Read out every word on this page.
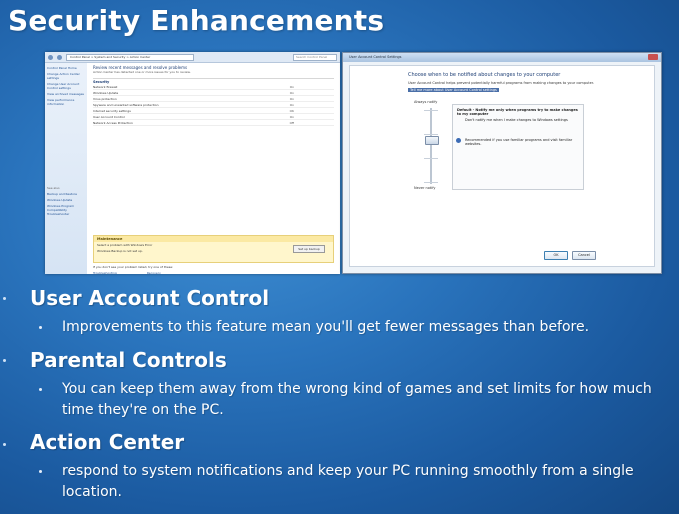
Security Enhancements
Control Panel > System and Security > Action Center	Search Control Panel
Control Panel Home
Change Action Center settings
Change User Account Control settings
View archived messages
View performance information
See also
Backup and Restore
Windows Update
Windows Program Compatibility Troubleshooter
Review recent messages and resolve problems
Action Center has detected one or more issues for you to review.
Security
Network firewall	On
Windows Update	On
Virus protection	On
Spyware and unwanted software protection	On
Internet security settings	OK
User Account Control	On
Network Access Protection	Off
Maintenance
Select a problem with Windows Error
Windows Backup is not set up.	Set up backup
If you don't see your problem listed, try one of these:
Troubleshooting	Recovery
User Account Control Settings
Choose when to be notified about changes to your computer
User Account Control helps prevent potentially harmful programs from making changes to your computer.
Tell me more about User Account Control settings
Always notify
Never notify
Default - Notify me only when programs try to make changes to my computer
Don't notify me when I make changes to Windows settings
Recommended if you use familiar programs and visit familiar websites.
OK	Cancel
User Account Control
Improvements to this feature mean you'll get fewer messages than before.
Parental Controls
You can keep them away from the wrong kind of games and set limits for how much time they're on the PC.
Action Center
respond to system notifications and keep your PC running smoothly from a single location.
